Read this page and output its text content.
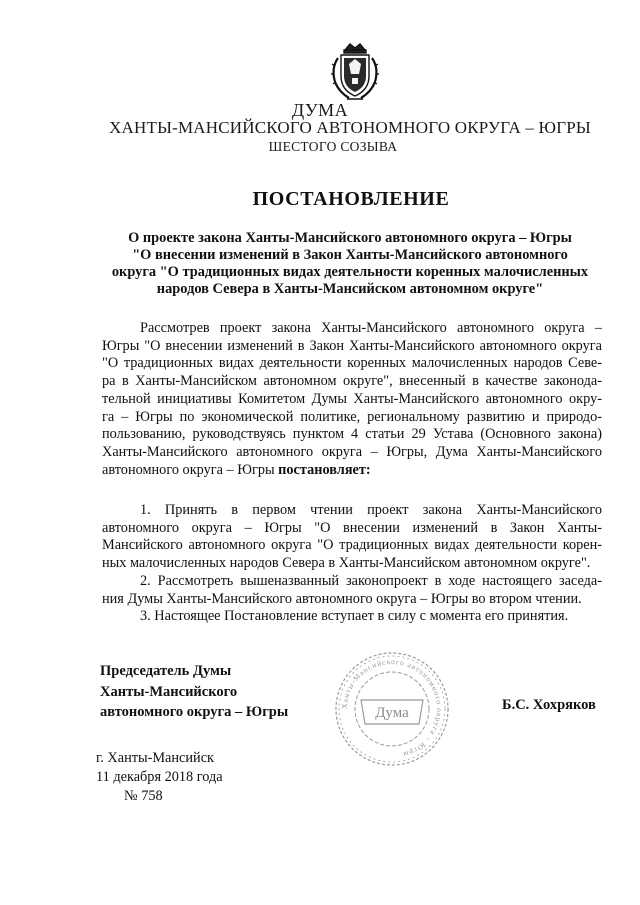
ДУМА
ХАНТЫ-МАНСИЙСКОГО АВТОНОМНОГО ОКРУГА – ЮГРЫ
ШЕСТОГО СОЗЫВА
ПОСТАНОВЛЕНИЕ
О проекте закона Ханты-Мансийского автономного округа – Югры
"О внесении изменений в Закон Ханты-Мансийского автономного
округа "О традиционных видах деятельности коренных малочисленных
народов Севера в Ханты-Мансийском автономном округе"
Рассмотрев проект закона Ханты-Мансийского автономного округа –
Югры "О внесении изменений в Закон Ханты-Мансийского автономного округа
"О традиционных видах деятельности коренных малочисленных народов Севе-
ра в Ханты-Мансийском автономном округе", внесенный в качестве законода-
тельной инициативы Комитетом Думы Ханты-Мансийского автономного окру-
га – Югры по экономической политике, региональному развитию и природо-
пользованию, руководствуясь пунктом 4 статьи 29 Устава (Основного закона)
Ханты-Мансийского автономного округа – Югры, Дума Ханты-Мансийского
автономного округа – Югры постановляет:
1. Принять в первом чтении проект закона Ханты-Мансийского
автономного округа – Югры "О внесении изменений в Закон Ханты-
Мансийского автономного округа "О традиционных видах деятельности корен-
ных малочисленных народов Севера в Ханты-Мансийском автономном округе".
2. Рассмотреть вышеназванный законопроект в ходе настоящего заседа-
ния Думы Ханты-Мансийского автономного округа – Югры во втором чтении.
3. Настоящее Постановление вступает в силу с момента его принятия.
Председатель Думы
Ханты-Мансийского
автономного округа – Югры	Ханты-Мансийского автономного округа – Югры
Дума	Б.С. Хохряков
г. Ханты-Мансийск
11 декабря 2018 года
№ 758
